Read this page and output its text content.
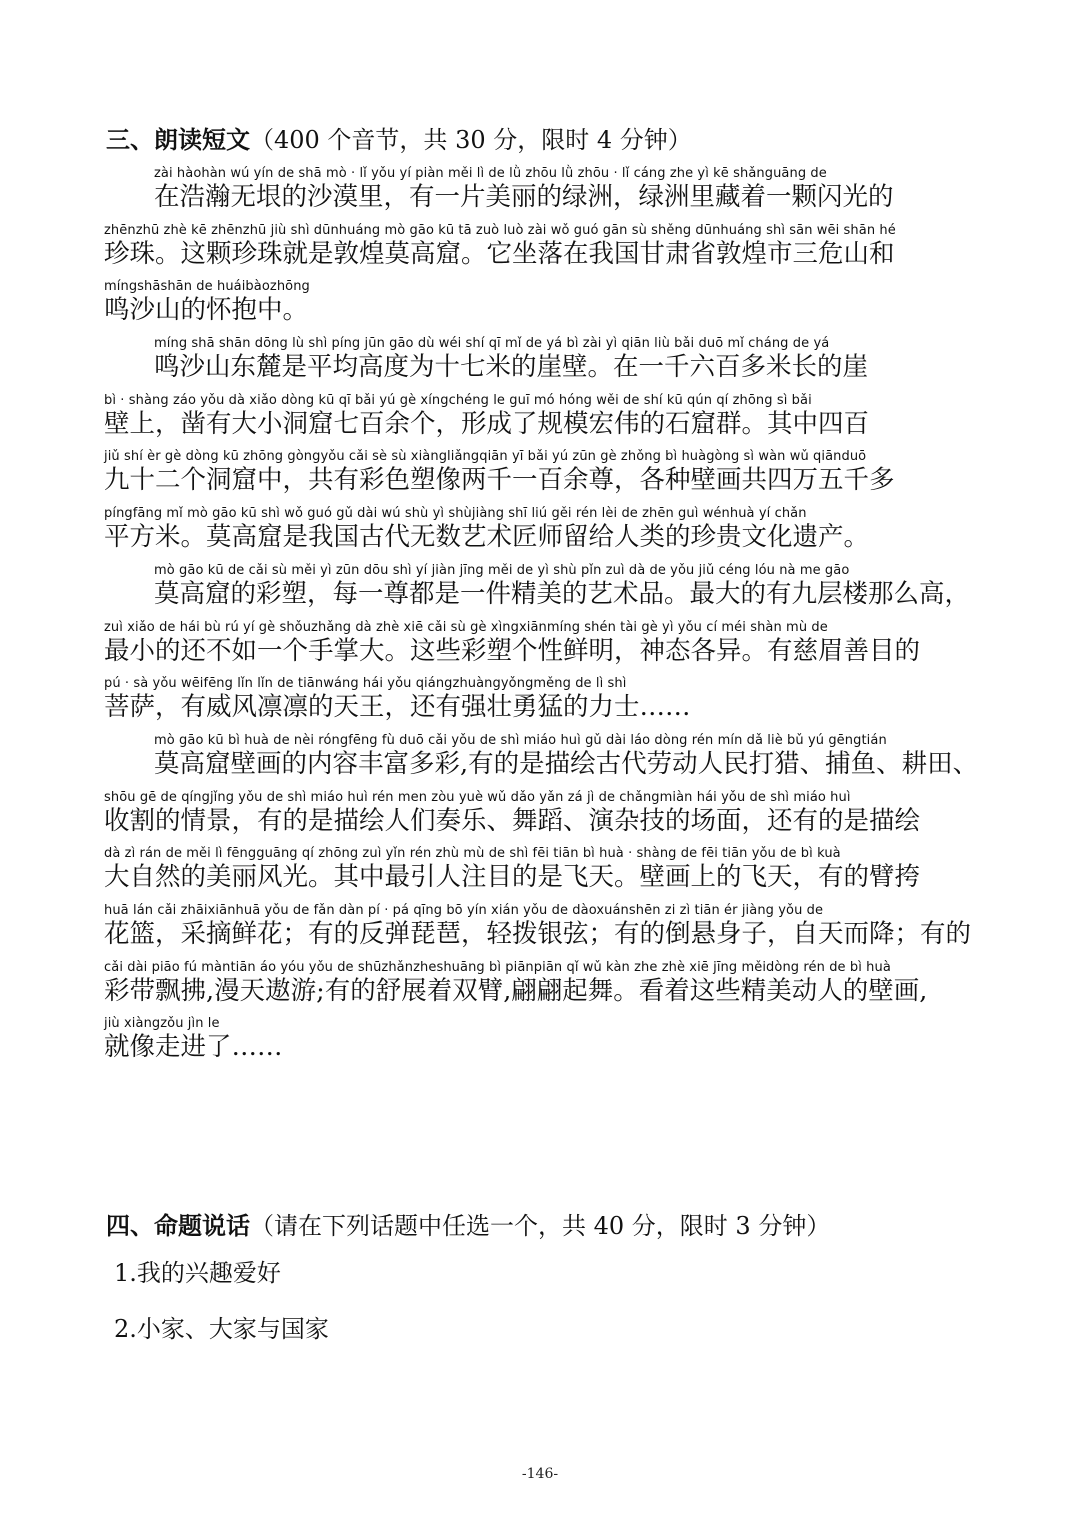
三、朗读短文（400 个音节，共 30 分，限时 4 分钟）
zài hàohàn wú yín de shā mò · lǐ yǒu yí piàn měi lì de lǜ zhōu lǜ zhōu · lǐ cáng zhe yì kē shǎnguāng de
在浩瀚无垠的沙漠里，有一片美丽的绿洲，绿洲里藏着一颗闪光的
zhēnzhū zhè kē zhēnzhū jiù shì dūnhuáng mò gāo kū tā zuò luò zài wǒ guó gān sù shěng dūnhuáng shì sān wēi shān hé
珍珠。这颗珍珠就是敦煌莫高窟。它坐落在我国甘肃省敦煌市三危山和
míngshāshān de huáibàozhōng
鸣沙山的怀抱中。
míng shā shān dōng lù shì píng jūn gāo dù wéi shí qī mǐ de yá bì zài yì qiān liù bǎi duō mǐ cháng de yá
鸣沙山东麓是平均高度为十七米的崖壁。在一千六百多米长的崖
bì · shàng záo yǒu dà xiǎo dòng kū qī bǎi yú gè xíngchéng le guī mó hóng wěi de shí kū qún qí zhōng sì bǎi
壁上，凿有大小洞窟七百余个，形成了规模宏伟的石窟群。其中四百
jiǔ shí èr gè dòng kū zhōng gòngyǒu cǎi sè sù xiàngliǎngqiān yī bǎi yú zūn gè zhǒng bì huàgòng sì wàn wǔ qiānduō
九十二个洞窟中，共有彩色塑像两千一百余尊，各种壁画共四万五千多
píngfāng mǐ mò gāo kū shì wǒ guó gǔ dài wú shù yì shùjiàng shī liú gěi rén lèi de zhēn guì wénhuà yí chǎn
平方米。莫高窟是我国古代无数艺术匠师留给人类的珍贵文化遗产。
mò gāo kū de cǎi sù měi yì zūn dōu shì yí jiàn jīng měi de yì shù pǐn zuì dà de yǒu jiǔ céng lóu nà me gāo
莫高窟的彩塑，每一尊都是一件精美的艺术品。最大的有九层楼那么高，
zuì xiǎo de hái bù rú yí gè shǒuzhǎng dà zhè xiē cǎi sù gè xìngxiānmíng shén tài gè yì yǒu cí méi shàn mù de
最小的还不如一个手掌大。这些彩塑个性鲜明，神态各异。有慈眉善目的
pú · sà yǒu wēifēng lǐn lǐn de tiānwáng hái yǒu qiángzhuàngyǒngměng de lì shì
菩萨，有威风凛凛的天王，还有强壮勇猛的力士……
mò gāo kū bì huà de nèi róngfēng fù duō cǎi yǒu de shì miáo huì gǔ dài láo dòng rén mín dǎ liè bǔ yú gēngtián
莫高窟壁画的内容丰富多彩,有的是描绘古代劳动人民打猎、捕鱼、耕田、
shōu gē de qíngjǐng yǒu de shì miáo huì rén men zòu yuè wǔ dǎo yǎn zá jì de chǎngmiàn hái yǒu de shì miáo huì
收割的情景，有的是描绘人们奏乐、舞蹈、演杂技的场面，还有的是描绘
dà zì rán de měi lì fēngguāng qí zhōng zuì yǐn rén zhù mù de shì fēi tiān bì huà · shàng de fēi tiān yǒu de bì kuà
大自然的美丽风光。其中最引人注目的是飞天。壁画上的飞天，有的臂挎
huā lán cǎi zhāixiānhuā yǒu de fǎn dàn pí · pá qīng bō yín xián yǒu de dàoxuánshēn zi zì tiān ér jiàng yǒu de
花篮，采摘鲜花；有的反弹琵琶，轻拨银弦；有的倒悬身子，自天而降；有的
cǎi dài piāo fú màntiān áo yóu yǒu de shūzhǎnzheshuāng bì piānpiān qǐ wǔ kàn zhe zhè xiē jīng měidòng rén de bì huà
彩带飘拂,漫天遨游;有的舒展着双臂,翩翩起舞。看着这些精美动人的壁画,
jiù xiàngzǒu jìn le
就像走进了……
四、命题说话（请在下列话题中任选一个，共 40 分，限时 3 分钟）
1.我的兴趣爱好
2.小家、大家与国家
-146-
